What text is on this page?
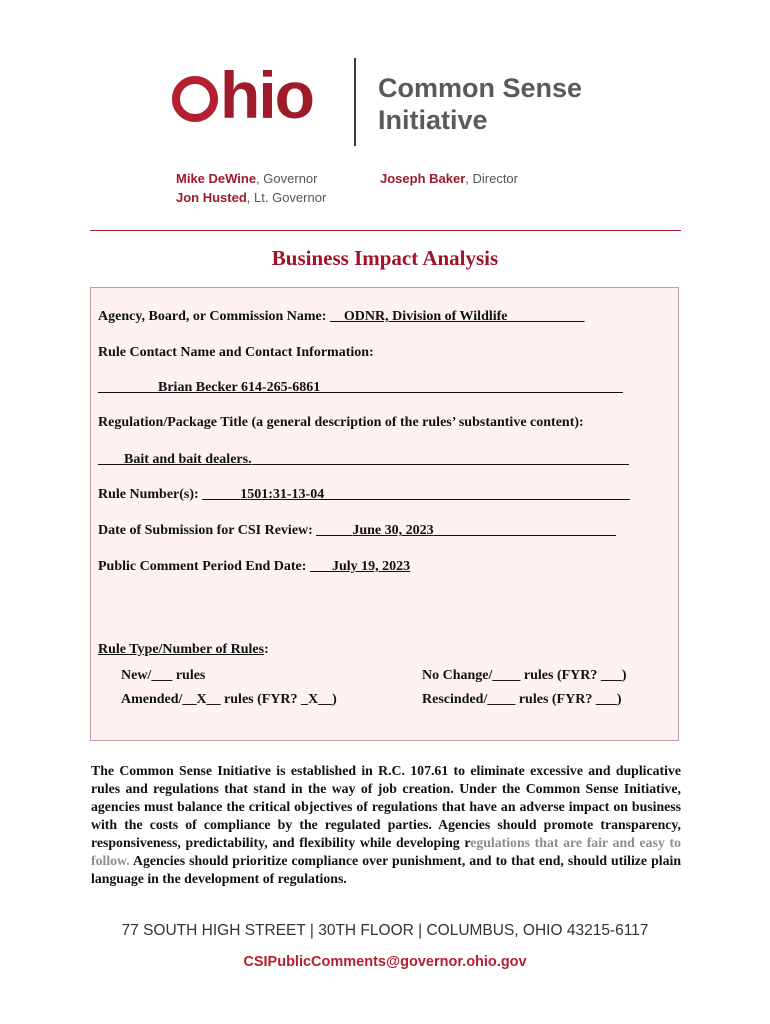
hio Common Sense
Initiative
Mike DeWine, Governor
Jon Husted, Lt. Governor
Joseph Baker, Director
Business Impact Analysis
Agency, Board, or Commission Name: ODNR, Division of Wildlife
Rule Contact Name and Contact Information:
Brian Becker 614-265-6861
Regulation/Package Title (a general description of the rules’ substantive content):
Bait and bait dealers.
Rule Number(s):	1501:31-13-04
Date of Submission for CSI Review:	June 30, 2023
Public Comment Period End Date: July 19, 2023
Rule Type/Number of Rules:
New/___ rules	No Change/____ rules (FYR? ___)
Amended/__X__ rules (FYR? _X__)	Rescinded/____ rules (FYR? ___)
The Common Sense Initiative is established in R.C. 107.61 to eliminate excessive and duplicative rules and regulations that stand in the way of job creation. Under the Common Sense Initiative, agencies must balance the critical objectives of regulations that have an adverse impact on business with the costs of compliance by the regulated parties. Agencies should promote transparency, responsiveness, predictability, and flexibility while developing regulations that are fair and easy to follow. Agencies should prioritize compliance over punishment, and to that end, should utilize plain language in the development of regulations.
77 SOUTH HIGH STREET | 30TH FLOOR | COLUMBUS, OHIO 43215-6117
CSIPublicComments@governor.ohio.gov
